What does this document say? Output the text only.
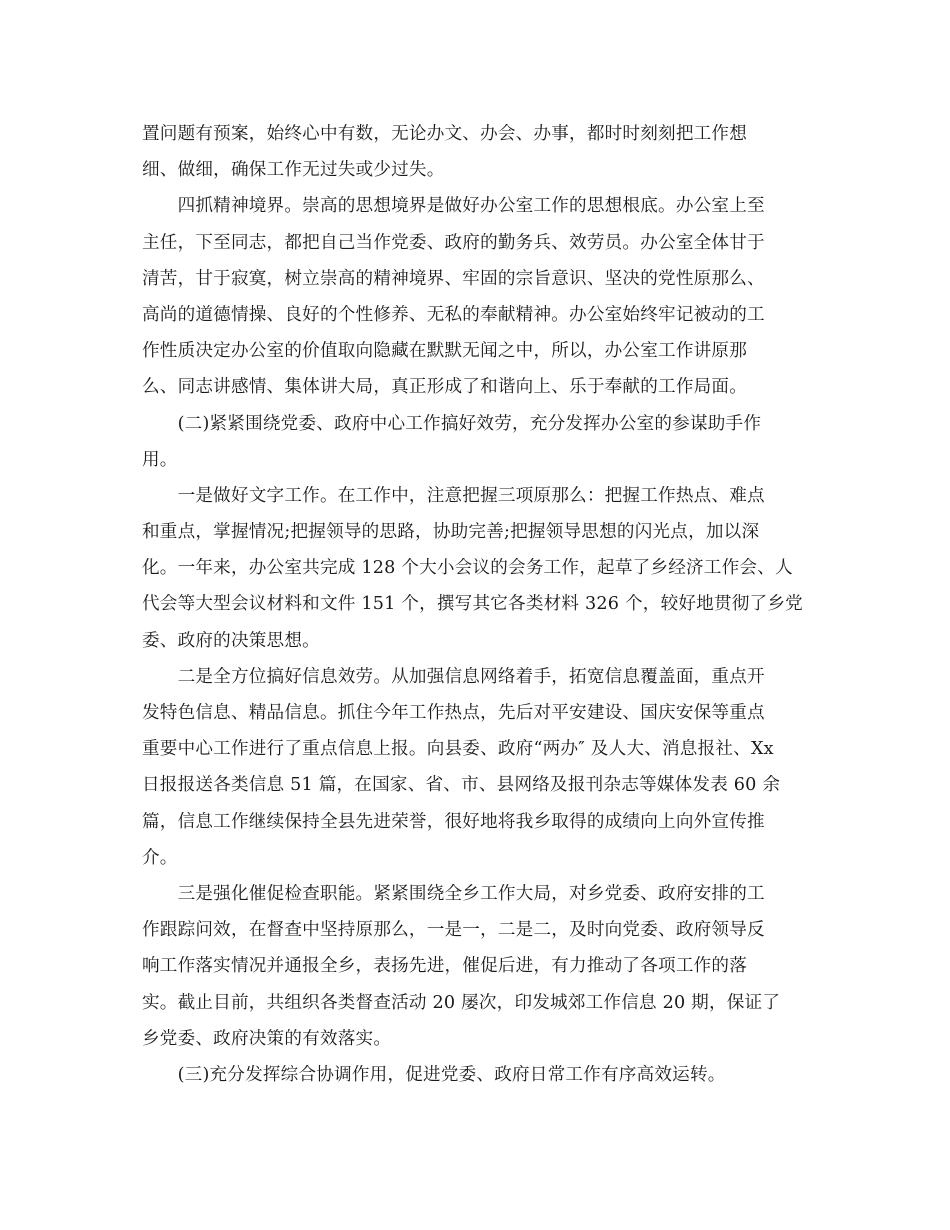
置问题有预案，始终心中有数，无论办文、办会、办事，都时时刻刻把工作想
细、做细，确保工作无过失或少过失。
　　四抓精神境界。崇高的思想境界是做好办公室工作的思想根底。办公室上至
主任，下至同志，都把自己当作党委、政府的勤务兵、效劳员。办公室全体甘于
清苦，甘于寂寞，树立崇高的精神境界、牢固的宗旨意识、坚决的党性原那么、
高尚的道德情操、良好的个性修养、无私的奉献精神。办公室始终牢记被动的工
作性质决定办公室的价值取向隐藏在默默无闻之中，所以，办公室工作讲原那
么、同志讲感情、集体讲大局，真正形成了和谐向上、乐于奉献的工作局面。
　　(二)紧紧围绕党委、政府中心工作搞好效劳，充分发挥办公室的参谋助手作
用。
　　一是做好文字工作。在工作中，注意把握三项原那么：把握工作热点、难点
和重点，掌握情况;把握领导的思路，协助完善;把握领导思想的闪光点，加以深
化。一年来，办公室共完成 128 个大小会议的会务工作，起草了乡经济工作会、人
代会等大型会议材料和文件 151 个，撰写其它各类材料 326 个，较好地贯彻了乡党
委、政府的决策思想。
　　二是全方位搞好信息效劳。从加强信息网络着手，拓宽信息覆盖面，重点开
发特色信息、精品信息。抓住今年工作热点，先后对平安建设、国庆安保等重点
重要中心工作进行了重点信息上报。向县委、政府“两办″ 及人大、消息报社、Xx
日报报送各类信息 51 篇，在国家、省、市、县网络及报刊杂志等媒体发表 60 余
篇，信息工作继续保持全县先进荣誉，很好地将我乡取得的成绩向上向外宣传推
介。
　　三是强化催促检查职能。紧紧围绕全乡工作大局，对乡党委、政府安排的工
作跟踪问效，在督查中坚持原那么，一是一，二是二，及时向党委、政府领导反
响工作落实情况并通报全乡，表扬先进，催促后进，有力推动了各项工作的落
实。截止目前，共组织各类督查活动 20 屡次，印发城郊工作信息 20 期，保证了
乡党委、政府决策的有效落实。
　　(三)充分发挥综合协调作用，促进党委、政府日常工作有序高效运转。
